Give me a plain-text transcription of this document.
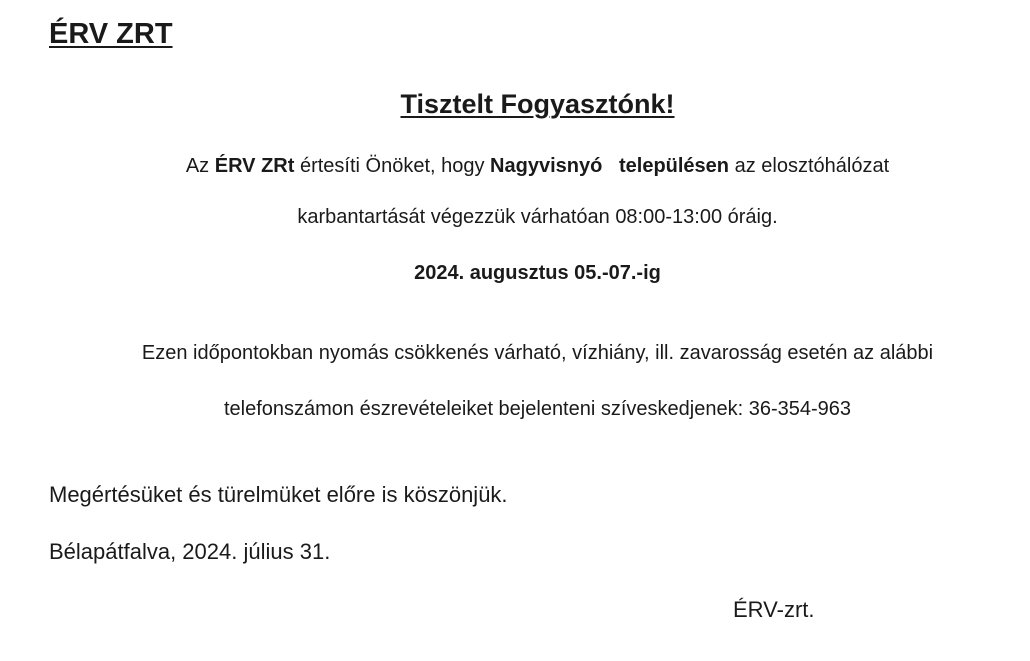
ÉRV ZRT
Tisztelt Fogyasztónk!
Az ÉRV ZRt értesíti Önöket, hogy Nagyvisnyó   településen az elosztóhálózat
karbantartását végezzük várhatóan 08:00-13:00 óráig.
2024. augusztus 05.-07.-ig
Ezen időpontokban nyomás csökkenés várható, vízhiány, ill. zavarosság esetén az alábbi
telefonszámon észrevételeiket bejelenteni szíveskedjenek: 36-354-963
Megértésüket és türelmüket előre is köszönjük.
Bélapátfalva, 2024. július 31.
ÉRV-zrt.
